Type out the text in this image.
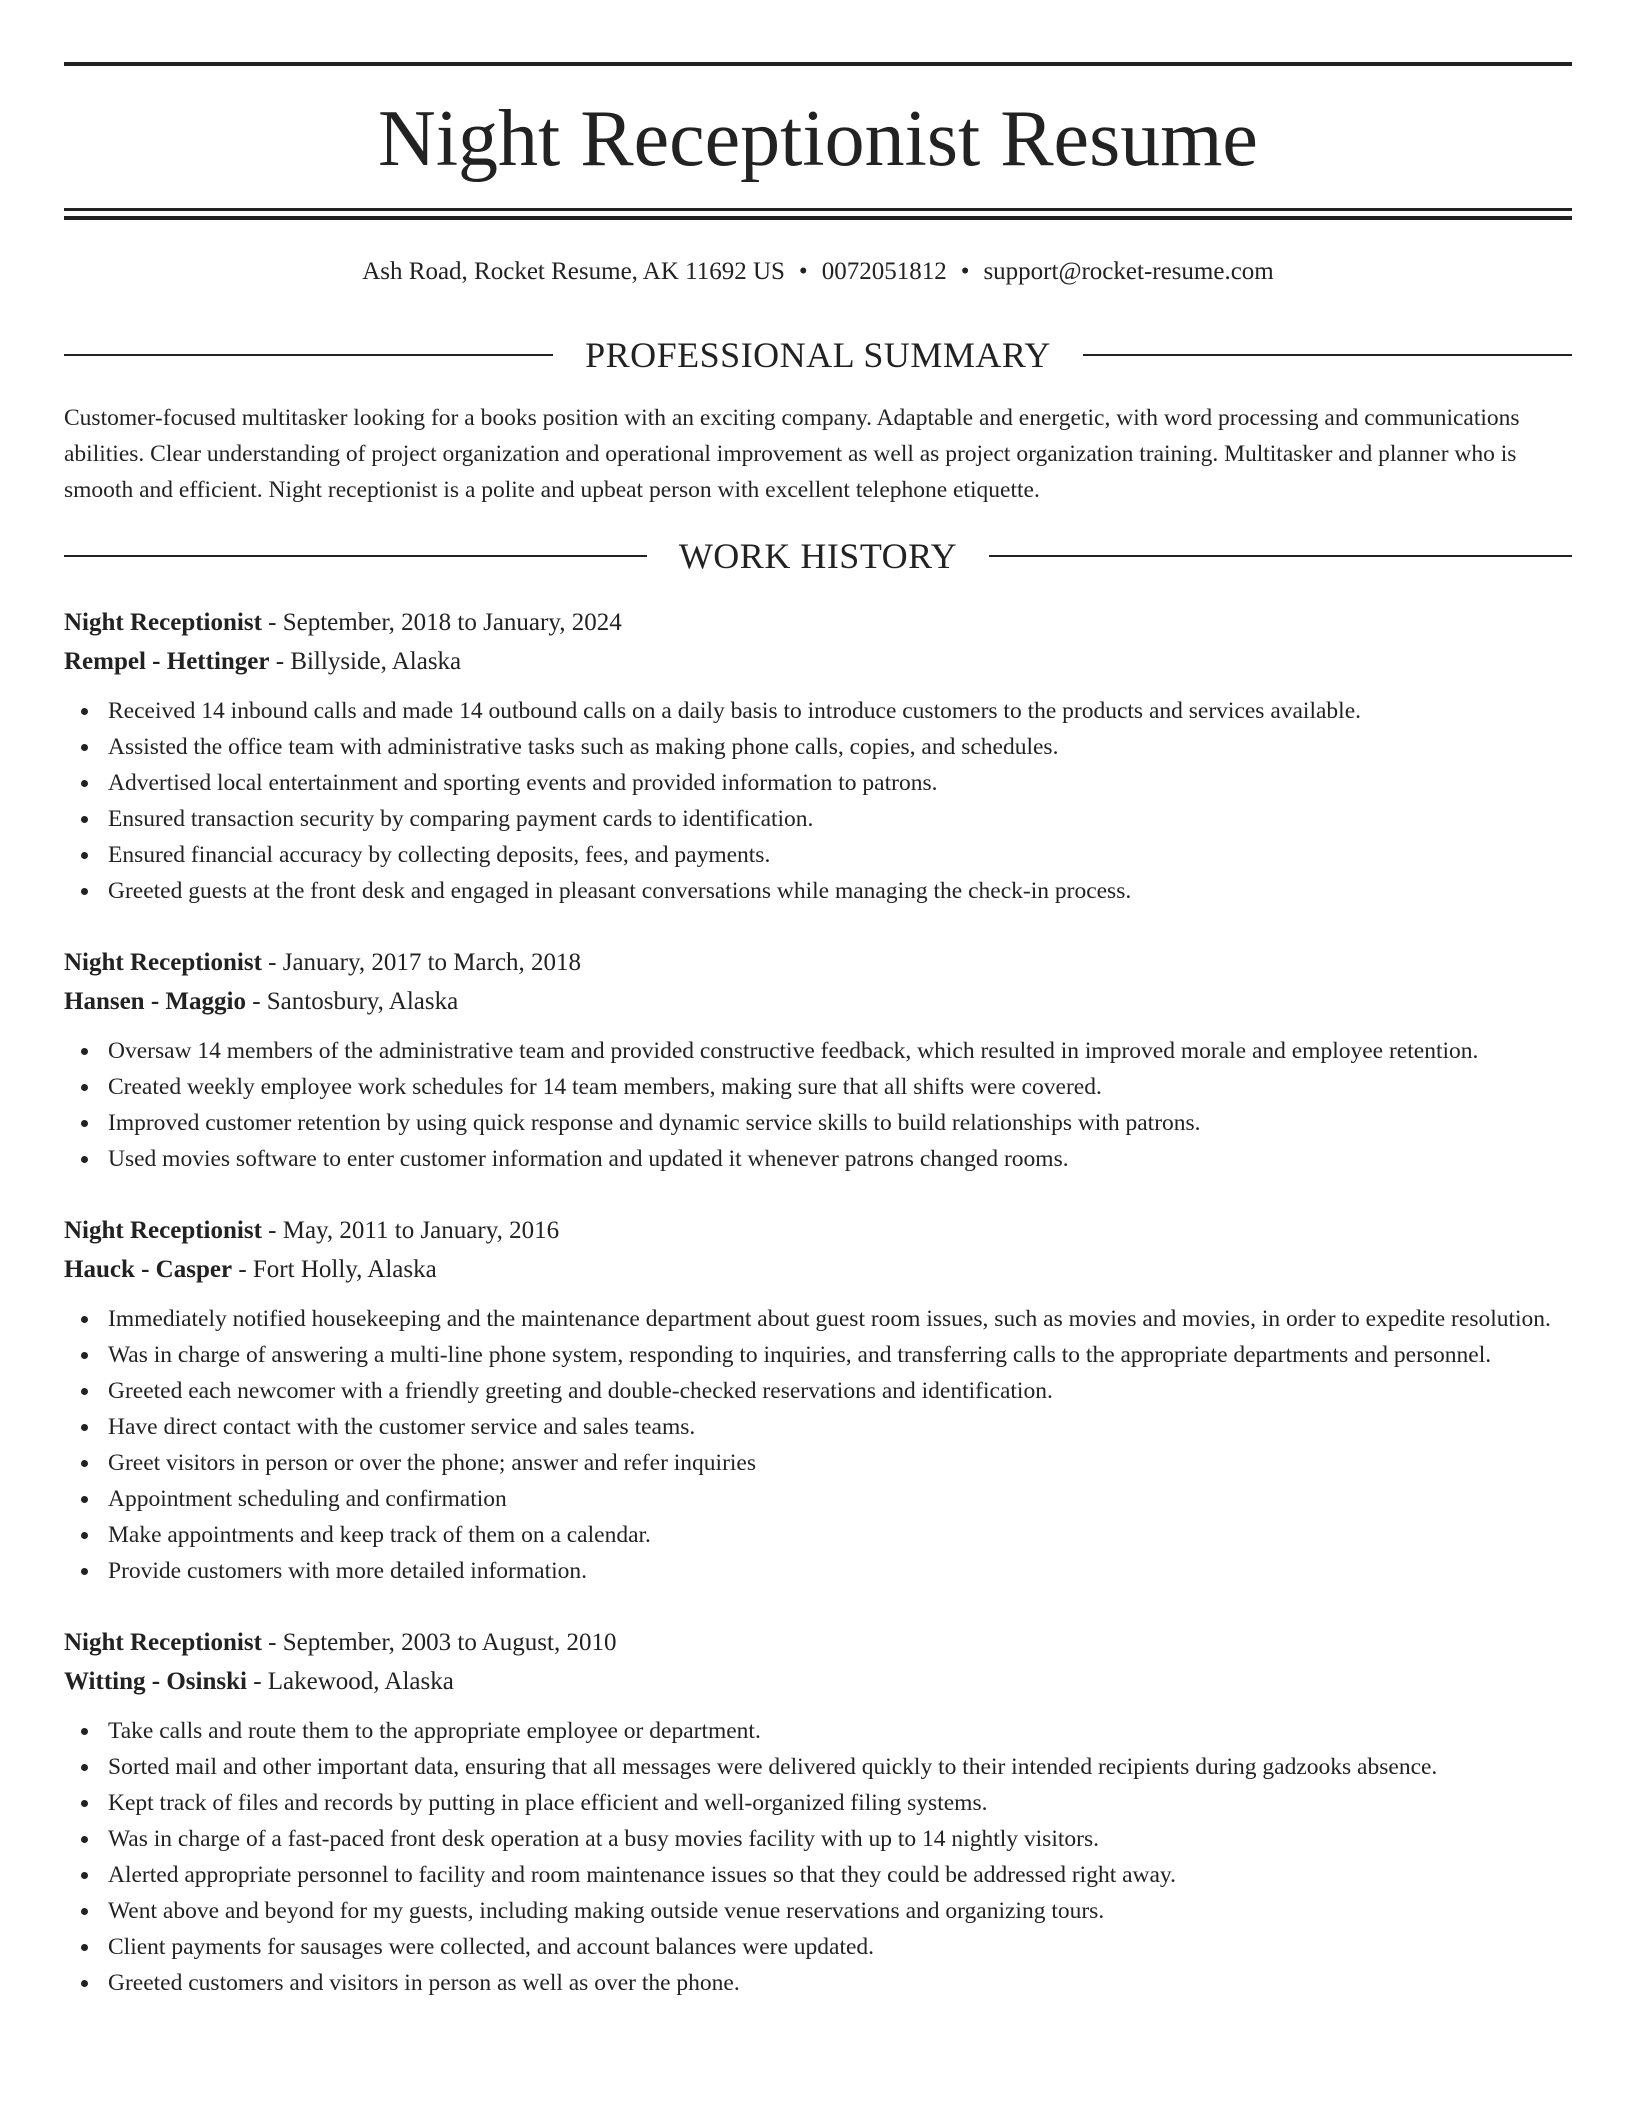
Night Receptionist Resume
Ash Road, Rocket Resume, AK 11692 US • 0072051812 • support@rocket-resume.com
PROFESSIONAL SUMMARY

Customer-focused multitasker looking for a books position with an exciting company. Adaptable and energetic, with word processing and communications abilities. Clear understanding of project organization and operational improvement as well as project organization training. Multitasker and planner who is smooth and efficient. Night receptionist is a polite and upbeat person with excellent telephone etiquette.

WORK HISTORY

Night Receptionist - September, 2018 to January, 2024

Rempel - Hettinger - Billyside, Alaska

Received 14 inbound calls and made 14 outbound calls on a daily basis to introduce customers to the products and services available.
Assisted the office team with administrative tasks such as making phone calls, copies, and schedules.
Advertised local entertainment and sporting events and provided information to patrons.
Ensured transaction security by comparing payment cards to identification.
Ensured financial accuracy by collecting deposits, fees, and payments.
Greeted guests at the front desk and engaged in pleasant conversations while managing the check-in process.

Night Receptionist - January, 2017 to March, 2018

Hansen - Maggio - Santosbury, Alaska

Oversaw 14 members of the administrative team and provided constructive feedback, which resulted in improved morale and employee retention.
Created weekly employee work schedules for 14 team members, making sure that all shifts were covered.
Improved customer retention by using quick response and dynamic service skills to build relationships with patrons.
Used movies software to enter customer information and updated it whenever patrons changed rooms.

Night Receptionist - May, 2011 to January, 2016

Hauck - Casper - Fort Holly, Alaska

Immediately notified housekeeping and the maintenance department about guest room issues, such as movies and movies, in order to expedite resolution.
Was in charge of answering a multi-line phone system, responding to inquiries, and transferring calls to the appropriate departments and personnel.
Greeted each newcomer with a friendly greeting and double-checked reservations and identification.
Have direct contact with the customer service and sales teams.
Greet visitors in person or over the phone; answer and refer inquiries
Appointment scheduling and confirmation
Make appointments and keep track of them on a calendar.
Provide customers with more detailed information.

Night Receptionist - September, 2003 to August, 2010

Witting - Osinski - Lakewood, Alaska

Take calls and route them to the appropriate employee or department.
Sorted mail and other important data, ensuring that all messages were delivered quickly to their intended recipients during gadzooks absence.
Kept track of files and records by putting in place efficient and well-organized filing systems.
Was in charge of a fast-paced front desk operation at a busy movies facility with up to 14 nightly visitors.
Alerted appropriate personnel to facility and room maintenance issues so that they could be addressed right away.
Went above and beyond for my guests, including making outside venue reservations and organizing tours.
Client payments for sausages were collected, and account balances were updated.
Greeted customers and visitors in person as well as over the phone.
